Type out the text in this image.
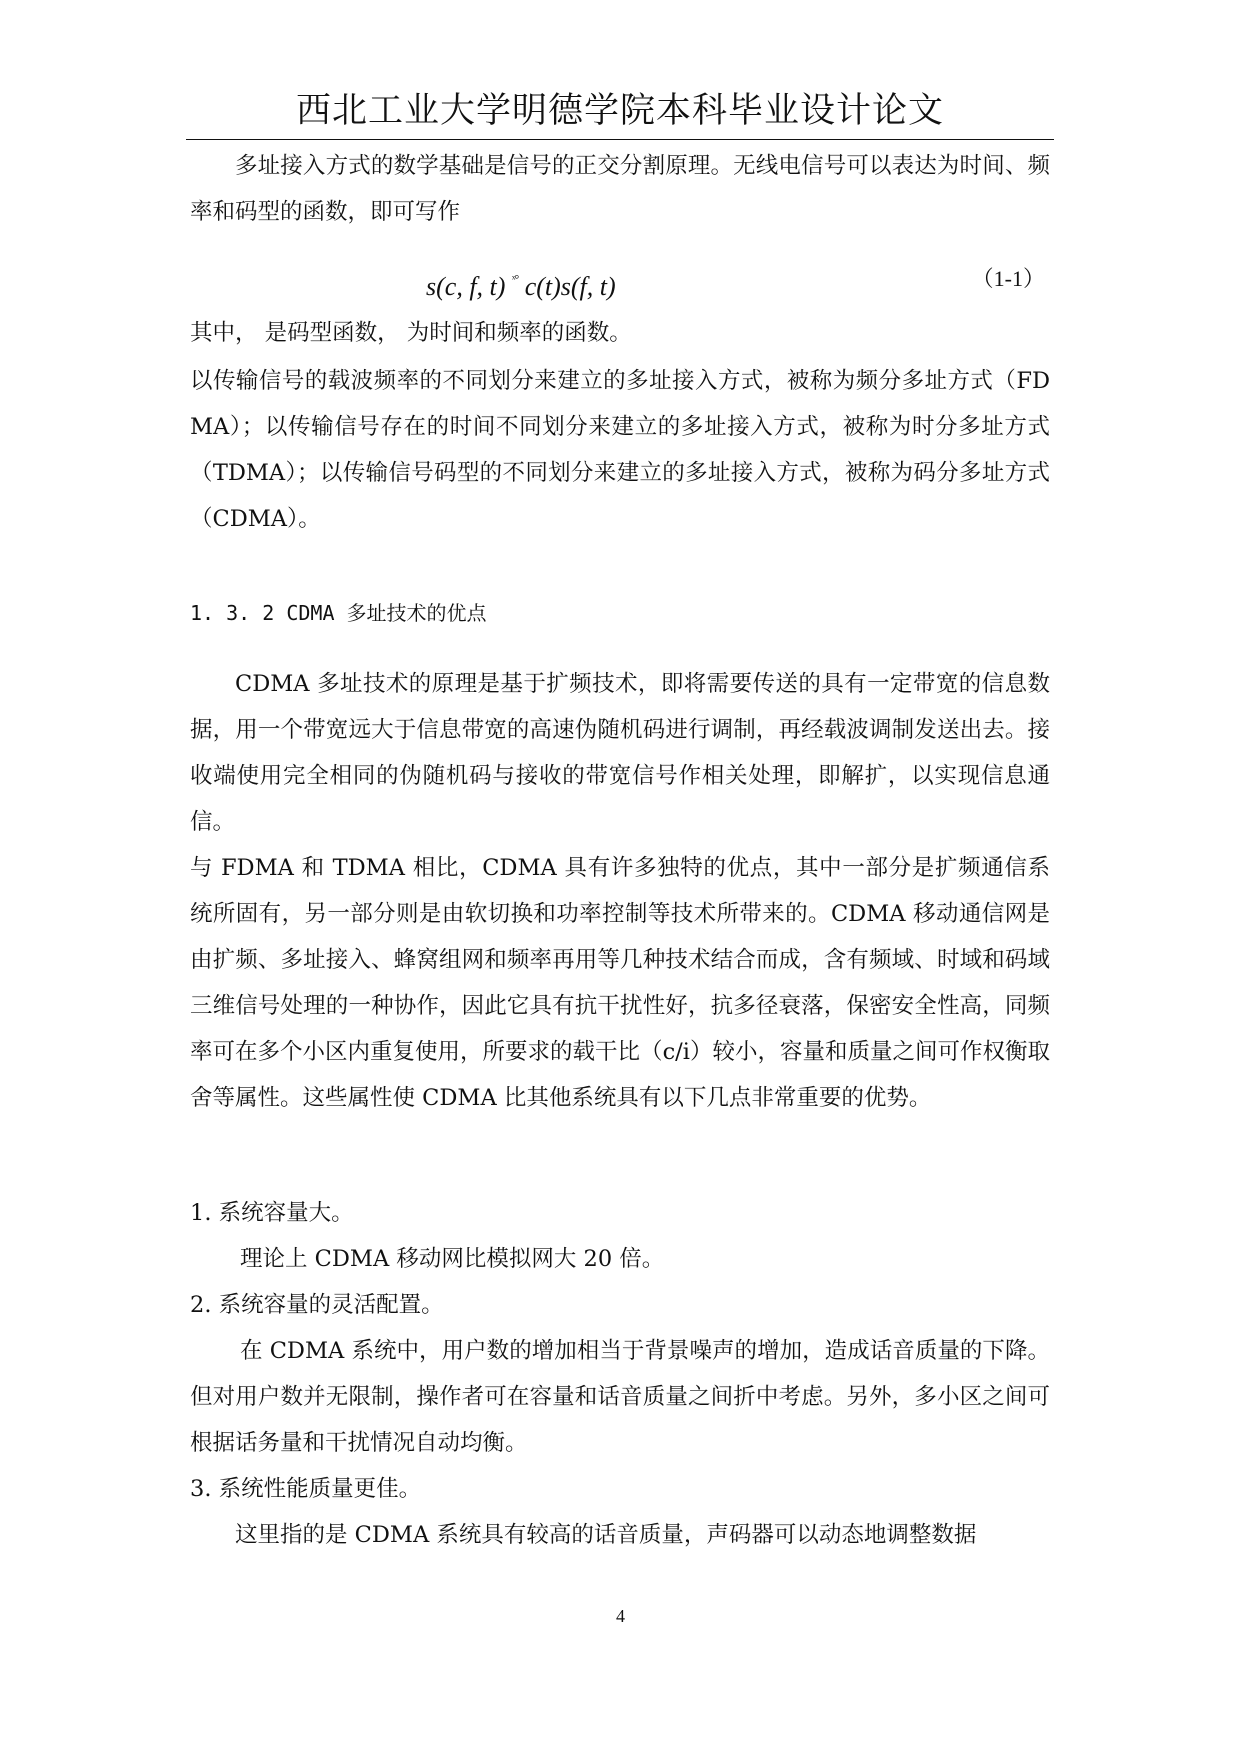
西北工业大学明德学院本科毕业设计论文
多址接入方式的数学基础是信号的正交分割原理。无线电信号可以表达为时间、频率和码型的函数，即可写作
s(c, f, t) $^{ˣ^\circ}$ c(t)s(f, t)	（1-1）
其中， 是码型函数， 为时间和频率的函数。
以传输信号的载波频率的不同划分来建立的多址接入方式，被称为频分多址方式（FDMA）；以传输信号存在的时间不同划分来建立的多址接入方式，被称为时分多址方式（TDMA）；以传输信号码型的不同划分来建立的多址接入方式，被称为码分多址方式（CDMA）。
1. 3. 2 CDMA 多址技术的优点
CDMA 多址技术的原理是基于扩频技术，即将需要传送的具有一定带宽的信息数据，用一个带宽远大于信息带宽的高速伪随机码进行调制，再经载波调制发送出去。接收端使用完全相同的伪随机码与接收的带宽信号作相关处理，即解扩，以实现信息通信。
与 FDMA 和 TDMA 相比，CDMA 具有许多独特的优点，其中一部分是扩频通信系统所固有，另一部分则是由软切换和功率控制等技术所带来的。CDMA 移动通信网是由扩频、多址接入、蜂窝组网和频率再用等几种技术结合而成，含有频域、时域和码域三维信号处理的一种协作，因此它具有抗干扰性好，抗多径衰落，保密安全性高，同频率可在多个小区内重复使用，所要求的载干比（c/i）较小，容量和质量之间可作权衡取舍等属性。这些属性使 CDMA 比其他系统具有以下几点非常重要的优势。
1. 系统容量大。
理论上 CDMA 移动网比模拟网大 20 倍。
2. 系统容量的灵活配置。
在 CDMA 系统中，用户数的增加相当于背景噪声的增加，造成话音质量的下降。但对用户数并无限制，操作者可在容量和话音质量之间折中考虑。另外，多小区之间可根据话务量和干扰情况自动均衡。
3. 系统性能质量更佳。
这里指的是 CDMA 系统具有较高的话音质量，声码器可以动态地调整数据
4
